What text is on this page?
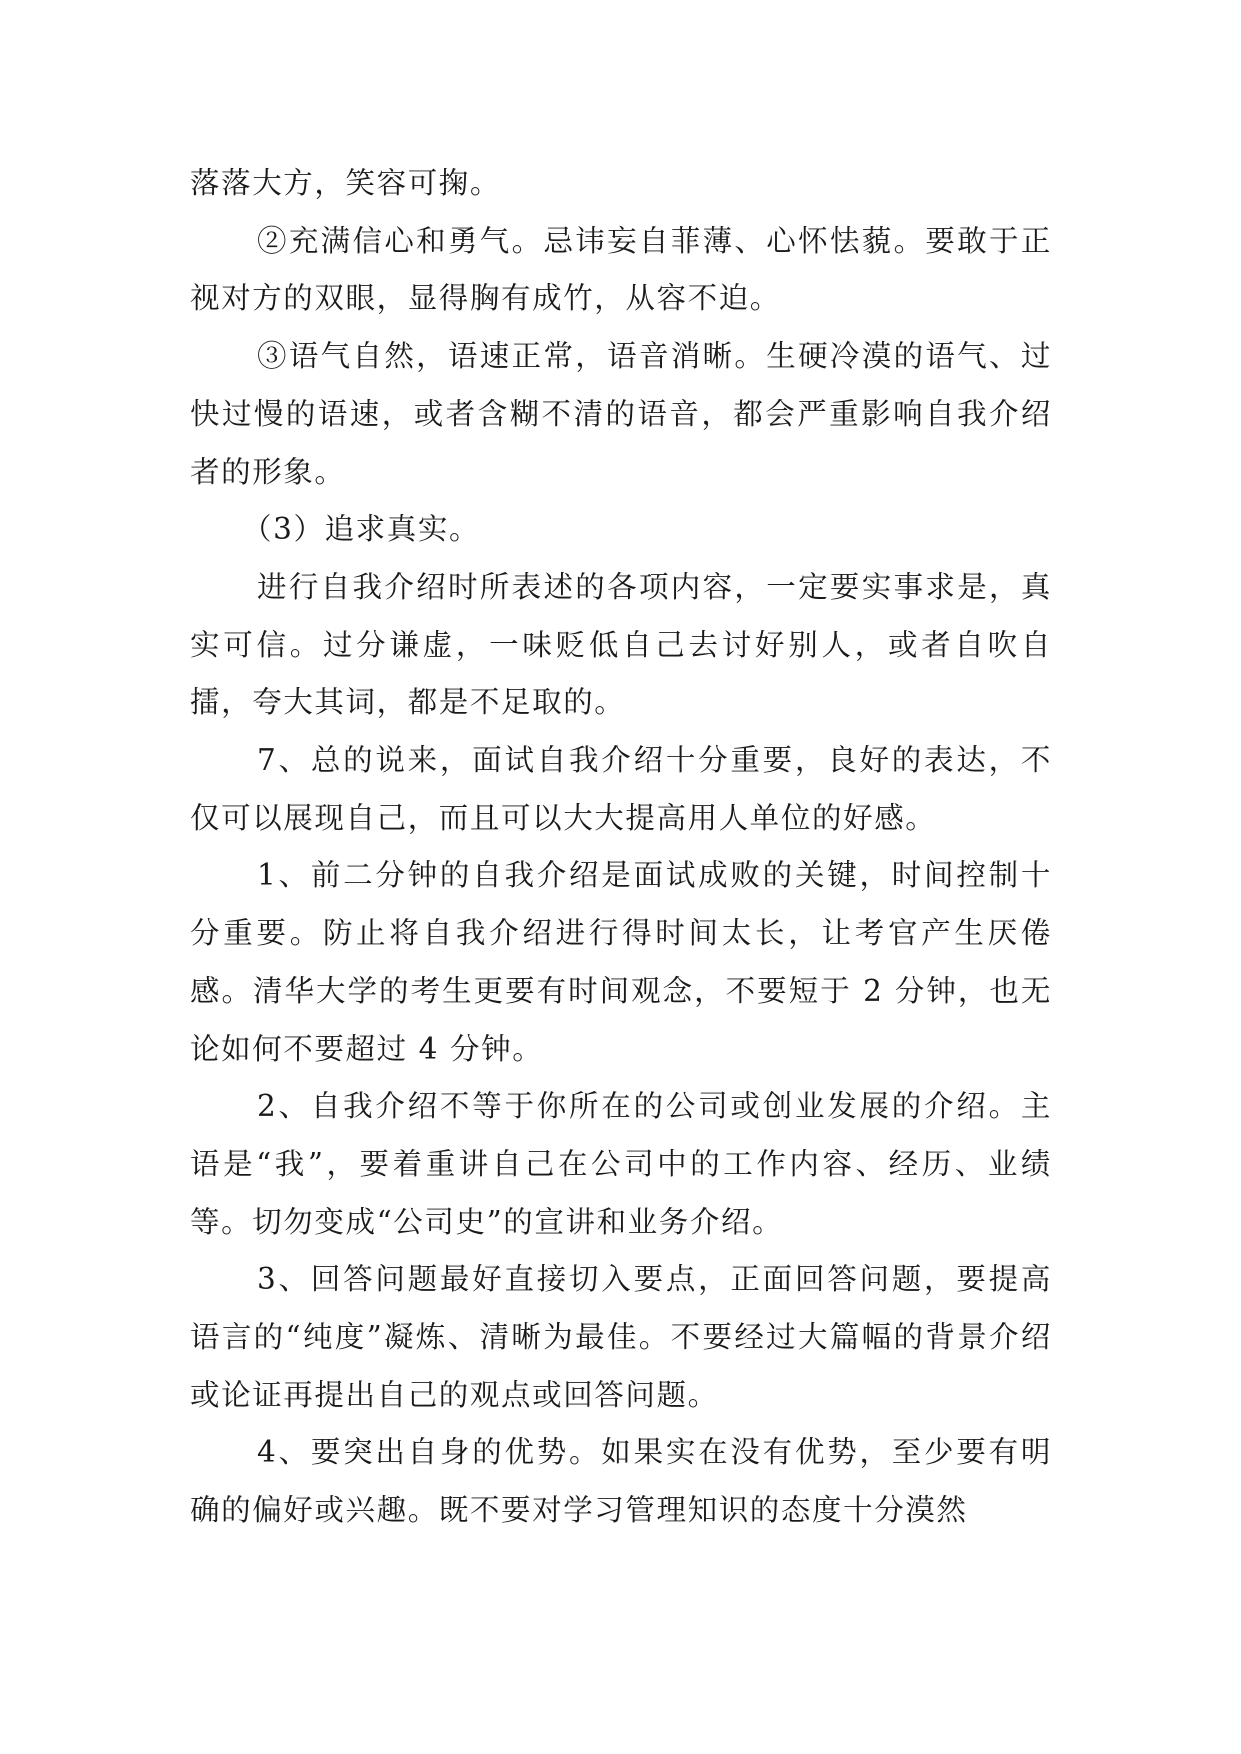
落落大方，笑容可掬。

②充满信心和勇气。忌讳妄自菲薄、心怀怯藐。要敢于正视对方的双眼，显得胸有成竹，从容不迫。

③语气自然，语速正常，语音消晰。生硬冷漠的语气、过快过慢的语速，或者含糊不清的语音，都会严重影响自我介绍者的形象。

（3）追求真实。

进行自我介绍时所表述的各项内容，一定要实事求是，真实可信。过分谦虚，一味贬低自己去讨好别人，或者自吹自擂，夸大其词，都是不足取的。

7、总的说来，面试自我介绍十分重要，良好的表达，不仅可以展现自己，而且可以大大提高用人单位的好感。

1、前二分钟的自我介绍是面试成败的关键，时间控制十分重要。防止将自我介绍进行得时间太长，让考官产生厌倦感。清华大学的考生更要有时间观念，不要短于 2 分钟，也无论如何不要超过 4 分钟。

2、自我介绍不等于你所在的公司或创业发展的介绍。主语是“我”，要着重讲自己在公司中的工作内容、经历、业绩等。切勿变成“公司史”的宣讲和业务介绍。

3、回答问题最好直接切入要点，正面回答问题，要提高语言的“纯度”凝炼、清晰为最佳。不要经过大篇幅的背景介绍或论证再提出自己的观点或回答问题。

4、要突出自身的优势。如果实在没有优势，至少要有明确的偏好或兴趣。既不要对学习管理知识的态度十分漠然
